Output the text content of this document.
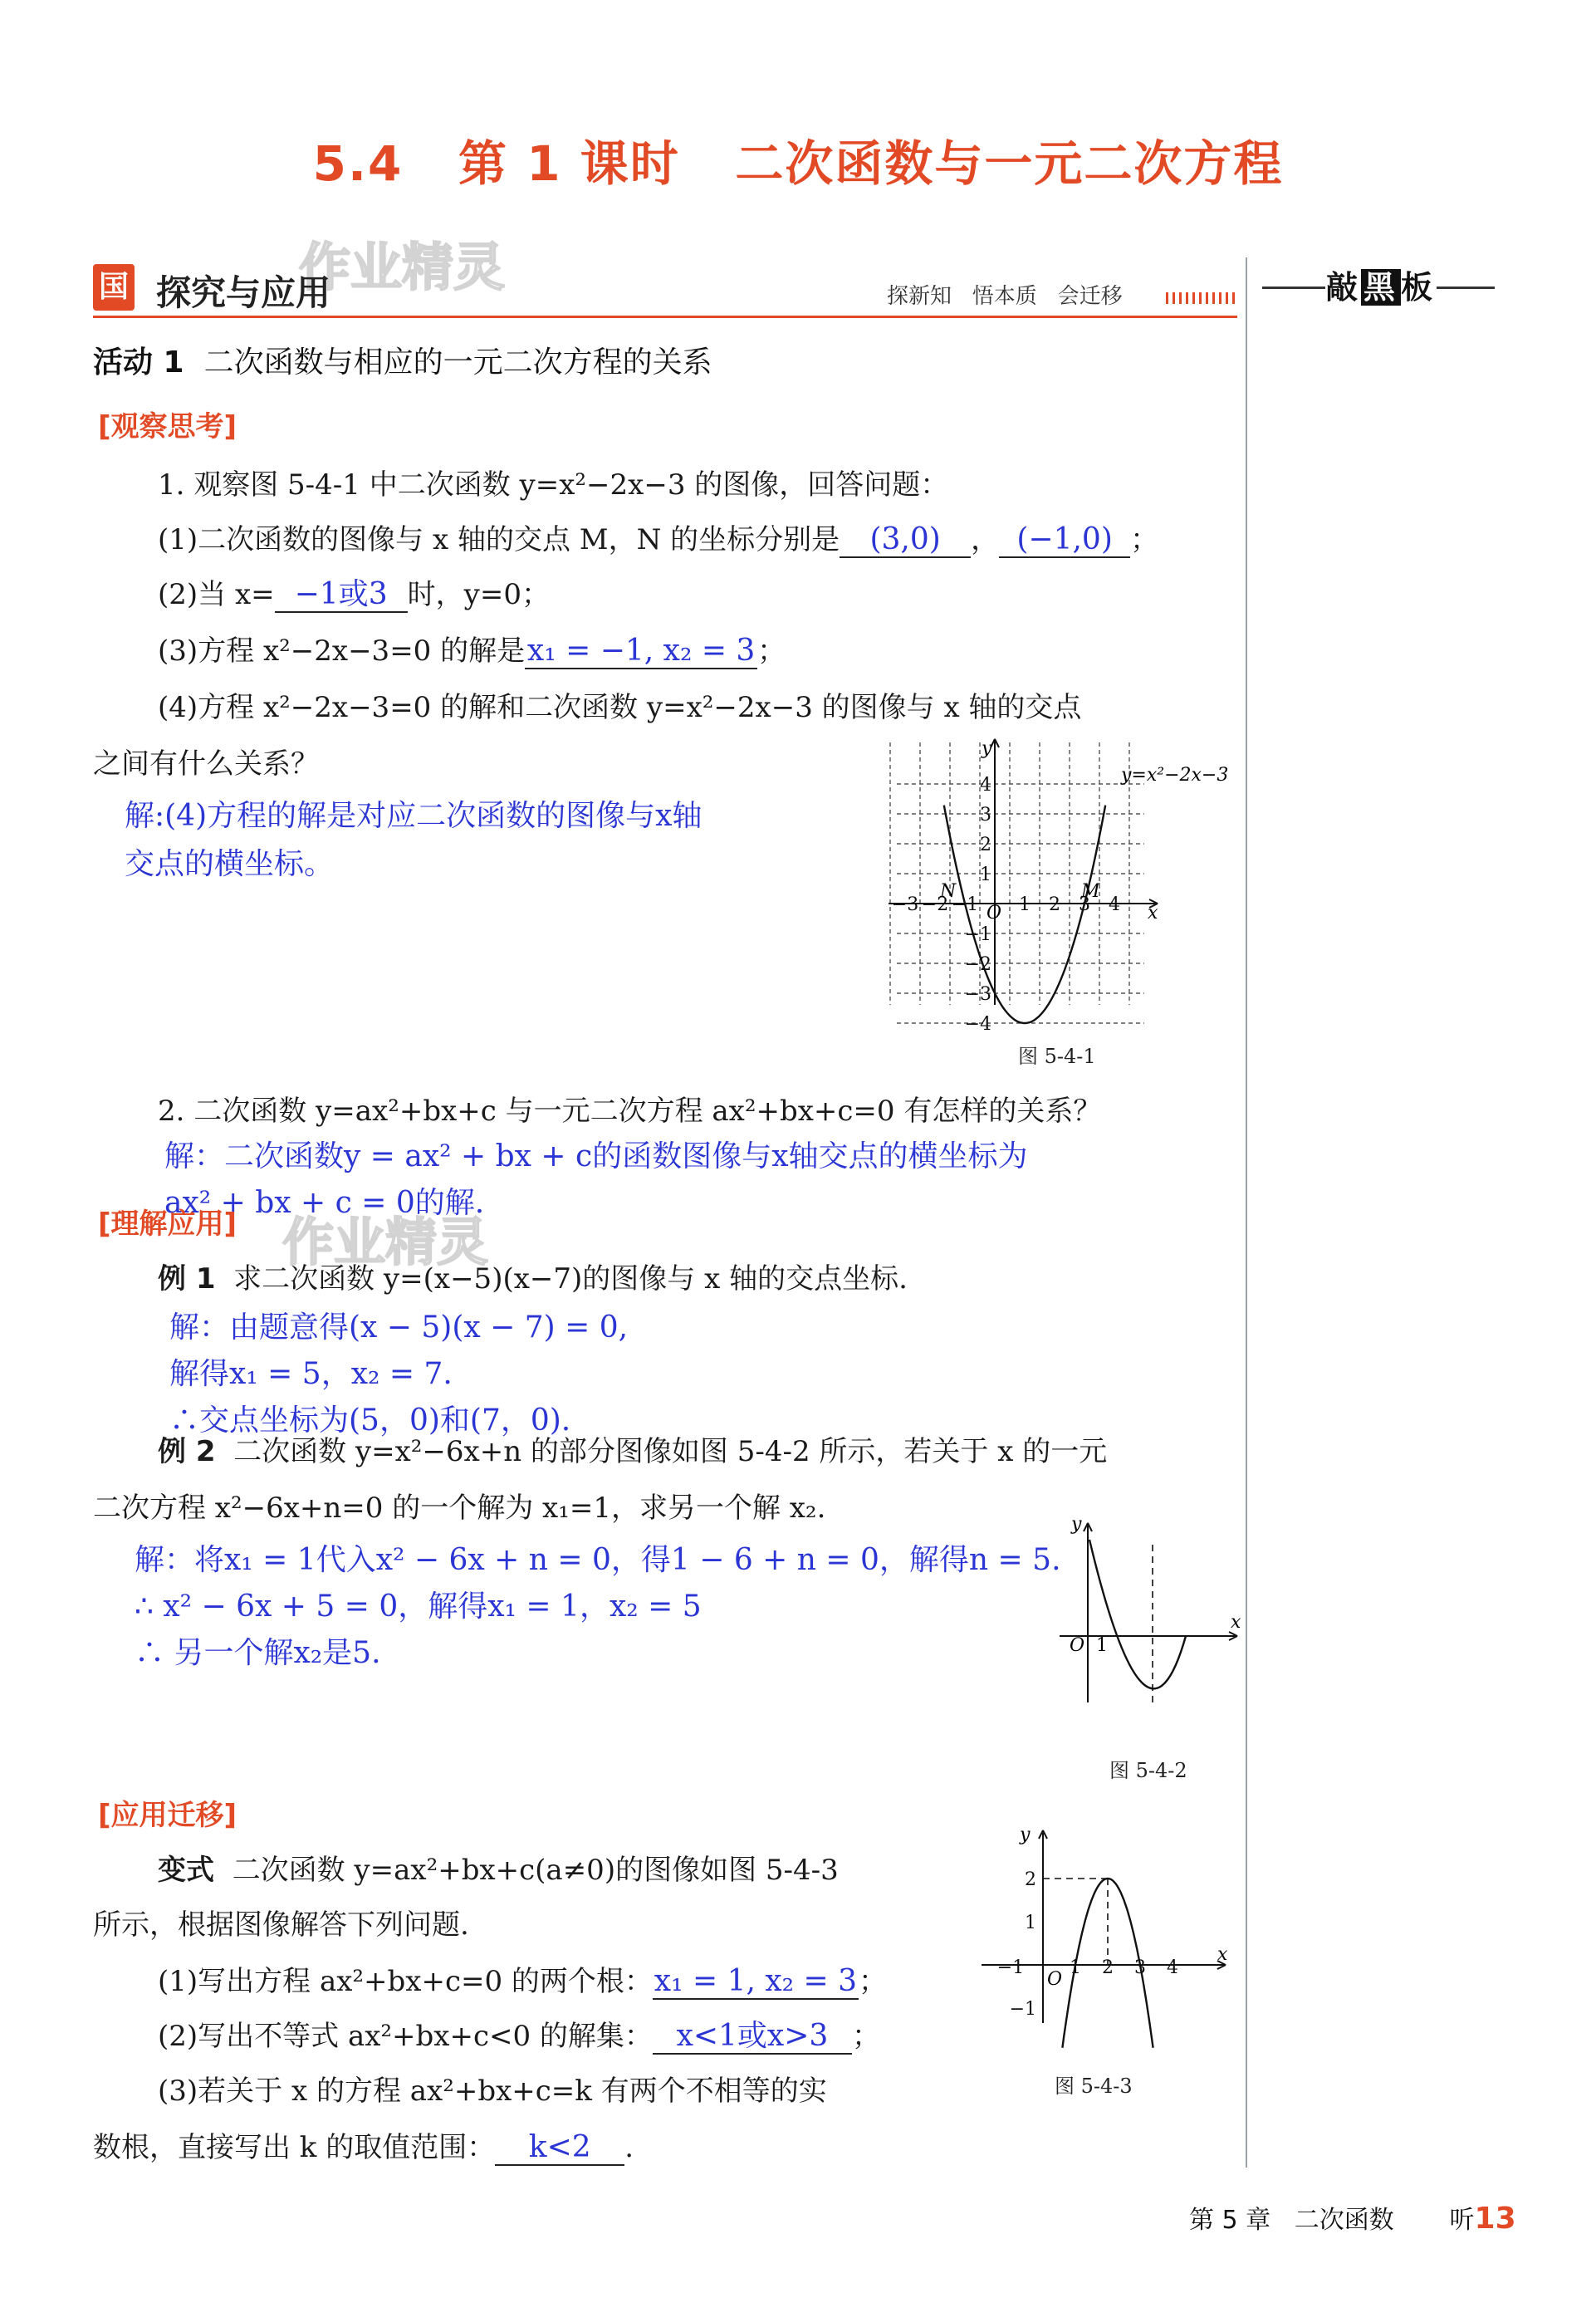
5.4   第 1 课时   二次函数与一元二次方程
作业精灵
国 探究与应用	探新知   悟本质   会迁移	敲黑板
活动 1 二次函数与相应的一元二次方程的关系
[观察思考]
1. 观察图 5-4-1 中二次函数 y=x²−2x−3 的图像，回答问题：
(1)二次函数的图像与 x 轴的交点 M，N 的坐标分别是 (3,0) ， (−1,0) ；
(2)当 x= −1或3 时，y=0；
(3)方程 x²−2x−3=0 的解是x₁ = −1, x₂ = 3；
(4)方程 x²−2x−3=0 的解和二次函数 y=x²−2x−3 的图像与 x 轴的交点
之间有什么关系？
解:(4)方程的解是对应二次函数的图像与x轴
交点的横坐标。
4
3
2
1
−1
−2
−3
−4
−3 −2 −1 1 2 3 4
O	x
y
N	M
y=x²−2x−3
图 5-4-1
2. 二次函数 y=ax²+bx+c 与一元二次方程 ax²+bx+c=0 有怎样的关系？
解：二次函数y = ax² + bx + c的函数图像与x轴交点的横坐标为
ax² + bx + c = 0的解.
[理解应用] 作业精灵
例 1 求二次函数 y=(x−5)(x−7)的图像与 x 轴的交点坐标.
解：由题意得(x − 5)(x − 7) = 0,
解得x₁ = 5，x₂ = 7.
∴交点坐标为(5，0)和(7，0).
例 2 二次函数 y=x²−6x+n 的部分图像如图 5-4-2 所示，若关于 x 的一元
二次方程 x²−6x+n=0 的一个解为 x₁=1，求另一个解 x₂.
解：将x₁ = 1代入x² − 6x + n = 0，得1 − 6 + n = 0，解得n = 5.
∴ x² − 6x + 5 = 0，解得x₁ = 1，x₂ = 5
∴ 另一个解x₂是5.	O 1
x
y
图 5-4-2
[应用迁移]
变式 二次函数 y=ax²+bx+c(a≠0)的图像如图 5-4-3
所示，根据图像解答下列问题.
(1)写出方程 ax²+bx+c=0 的两个根：x₁ = 1, x₂ = 3；
(2)写出不等式 ax²+bx+c<0 的解集： x<1或x>3 ；
(3)若关于 x 的方程 ax²+bx+c=k 有两个不相等的实
数根，直接写出 k 的取值范围： k<2 .
2
1
−1
−1 1 2 3 4
O
x
y
图 5-4-3
第 5 章   二次函数 听13
